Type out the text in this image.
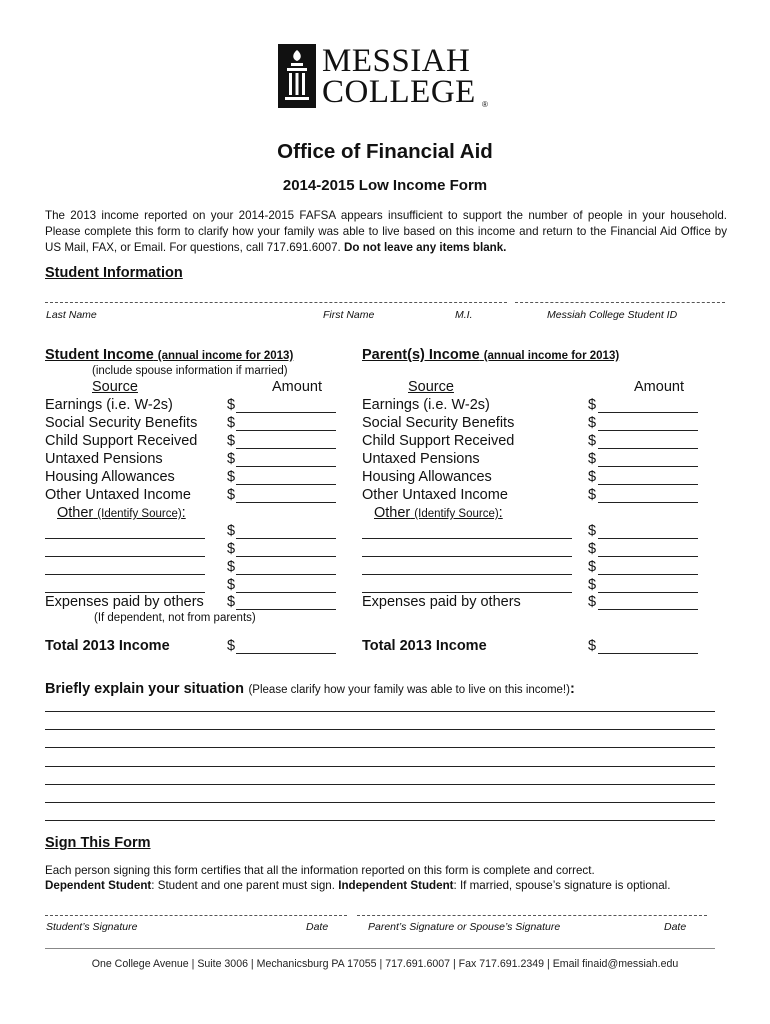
MESSIAH
COLLEGE ®
Office of Financial Aid
2014-2015 Low Income Form
The 2013 income reported on your 2014-2015 FAFSA appears insufficient to support the number of people in your household. Please complete this form to clarify how your family was able to live based on this income and return to the Financial Aid Office by US Mail, FAX, or Email. For questions, call 717.691.6007. Do not leave any items blank.
Student Information
Last Name	First Name	M.I.	Messiah College Student ID
Student Income (annual income for 2013)
(include spouse information if married)
Source	Amount
Earnings (i.e. W-2s)	$
Social Security Benefits $
Child Support Received $
Untaxed Pensions	$
Housing Allowances	$
Other Untaxed Income $
Other (Identify Source):
$
$
$
$
Expenses paid by others $
Total 2013 Income	$
(If dependent, not from parents)
Parent(s) Income (annual income for 2013)
Source	Amount
Earnings (i.e. W-2s)	$
Social Security Benefits	$
Child Support Received	$
Untaxed Pensions	$
Housing Allowances	$
Other Untaxed Income	$
Other (Identify Source):
$
$
$
$
Expenses paid by others	$
Total 2013 Income	$
Briefly explain your situation (Please clarify how your family was able to live on this income!):
Sign This Form
Each person signing this form certifies that all the information reported on this form is complete and correct.
Dependent Student: Student and one parent must sign. Independent Student: If married, spouse’s signature is optional.
Student’s Signature	Date	Parent’s Signature or Spouse’s Signature	Date
One College Avenue | Suite 3006 | Mechanicsburg PA 17055 | 717.691.6007 | Fax 717.691.2349 | Email finaid@messiah.edu
